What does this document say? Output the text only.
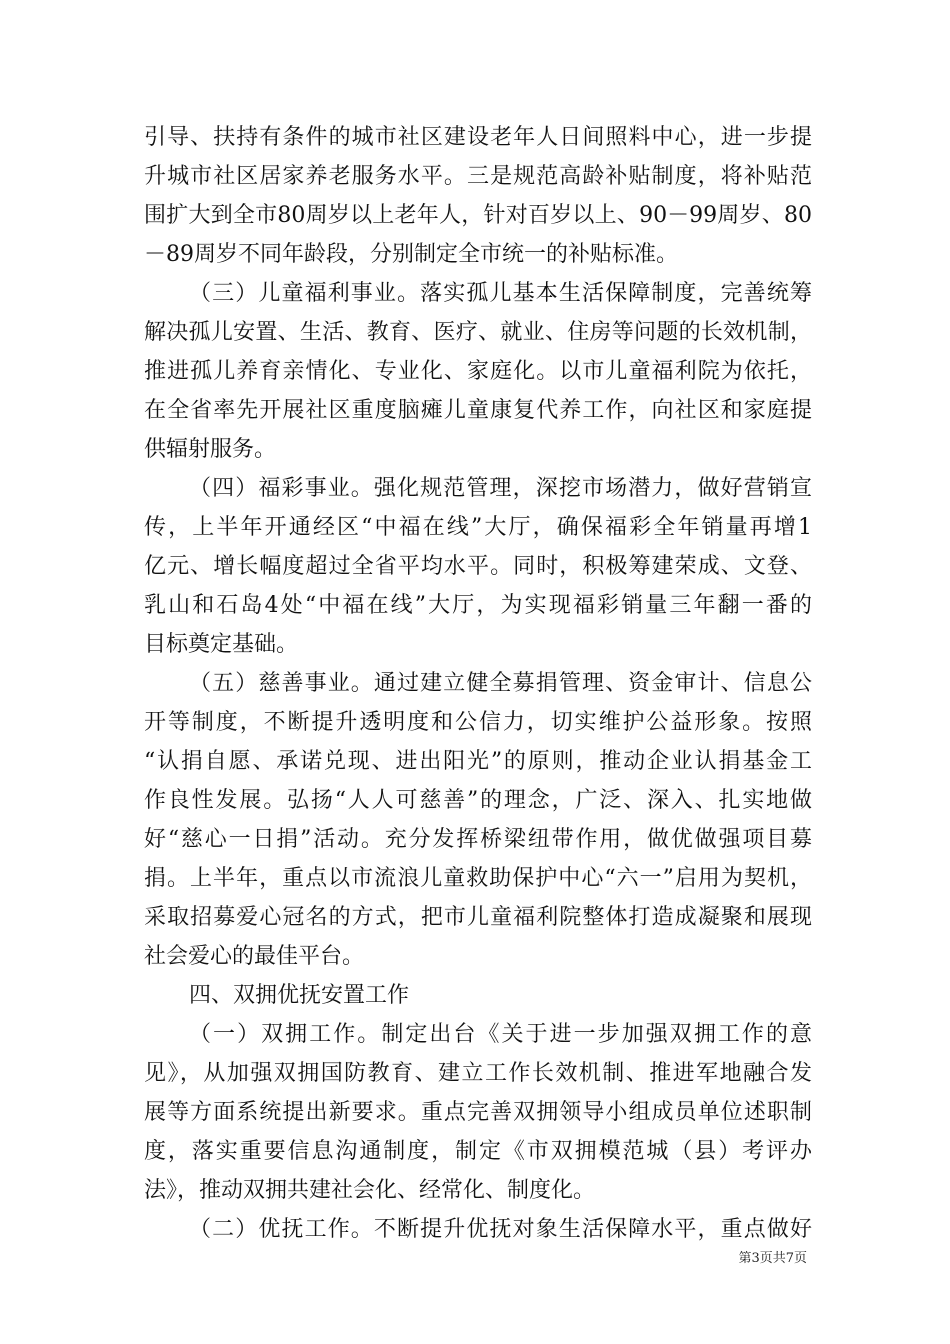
引导、扶持有条件的城市社区建设老年人日间照料中心，进一步提
升城市社区居家养老服务水平。三是规范高龄补贴制度，将补贴范
围扩大到全市80周岁以上老年人，针对百岁以上、90－99周岁、80
－89周岁不同年龄段，分别制定全市统一的补贴标准。
（三）儿童福利事业。落实孤儿基本生活保障制度，完善统筹
解决孤儿安置、生活、教育、医疗、就业、住房等问题的长效机制，
推进孤儿养育亲情化、专业化、家庭化。以市儿童福利院为依托，
在全省率先开展社区重度脑瘫儿童康复代养工作，向社区和家庭提
供辐射服务。
（四）福彩事业。强化规范管理，深挖市场潜力，做好营销宣
传，上半年开通经区“中福在线”大厅，确保福彩全年销量再增1
亿元、增长幅度超过全省平均水平。同时，积极筹建荣成、文登、
乳山和石岛4处“中福在线”大厅，为实现福彩销量三年翻一番的
目标奠定基础。
（五）慈善事业。通过建立健全募捐管理、资金审计、信息公
开等制度，不断提升透明度和公信力，切实维护公益形象。按照
“认捐自愿、承诺兑现、进出阳光”的原则，推动企业认捐基金工
作良性发展。弘扬“人人可慈善”的理念，广泛、深入、扎实地做
好“慈心一日捐”活动。充分发挥桥梁纽带作用，做优做强项目募
捐。上半年，重点以市流浪儿童救助保护中心“六一”启用为契机，
采取招募爱心冠名的方式，把市儿童福利院整体打造成凝聚和展现
社会爱心的最佳平台。
四、双拥优抚安置工作
（一）双拥工作。制定出台《关于进一步加强双拥工作的意
见》，从加强双拥国防教育、建立工作长效机制、推进军地融合发
展等方面系统提出新要求。重点完善双拥领导小组成员单位述职制
度，落实重要信息沟通制度，制定《市双拥模范城（县）考评办
法》，推动双拥共建社会化、经常化、制度化。
（二）优抚工作。不断提升优抚对象生活保障水平，重点做好
第3页共7页
